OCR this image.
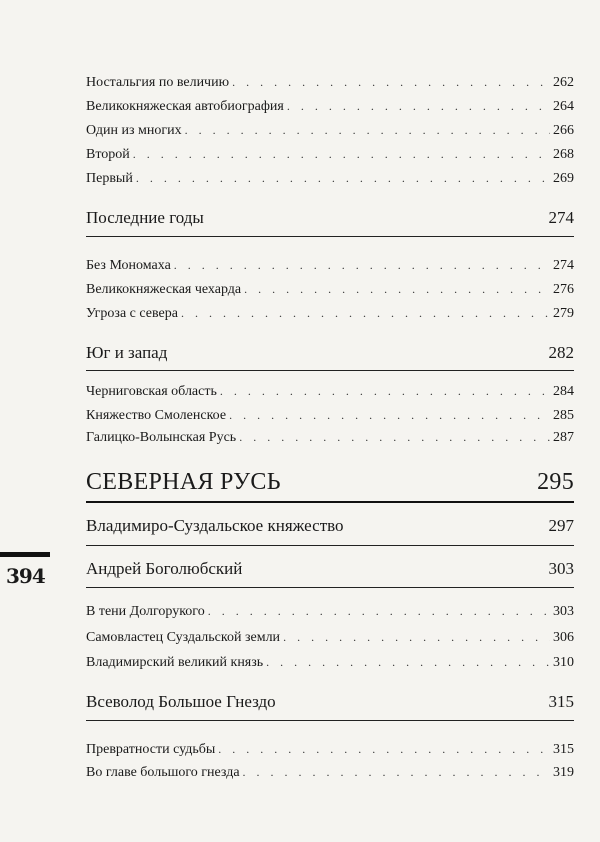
394
Ностальгия по величию . . .	262
Великокняжеская автобиография . . .	264
Один из многих . . .	266
Второй . . .	268
Первый . . .	269
Последние годы	274
Без Мономаха . . .	274
Великокняжеская чехарда . . .	276
Угроза с севера . . .	279
Юг и запад	282
Черниговская область . . .	284
Княжество Смоленское . . .	285
Галицко-Волынская Русь . . .	287
СЕВЕРНАЯ РУСЬ	295
Владимиро-Суздальское княжество	297
Андрей Боголюбский	303
В тени Долгорукого . . .	303
Самовластец Суздальской земли . . .	306
Владимирский великий князь . . .	310
Всеволод Большое Гнездо	315
Превратности судьбы . . .	315
Во главе большого гнезда . . .	319
